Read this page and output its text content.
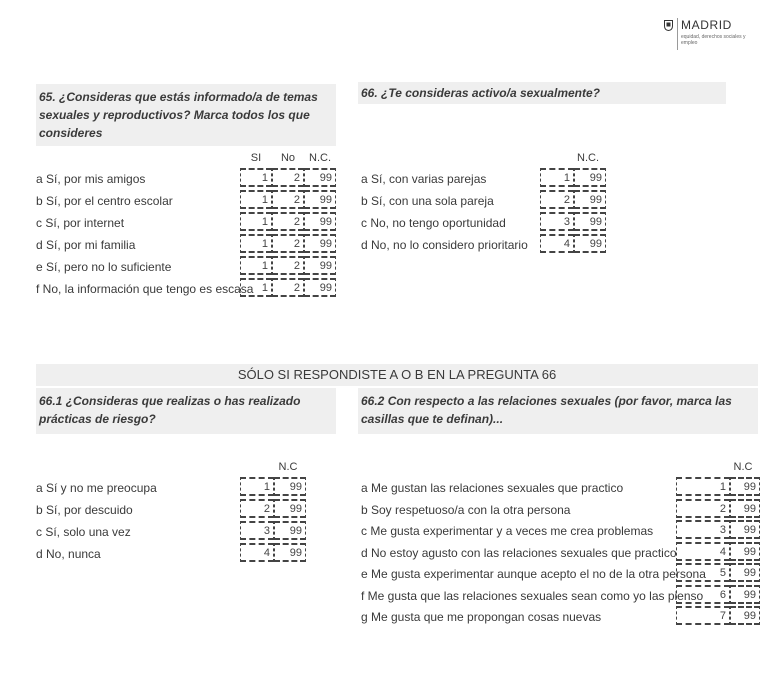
MADRID
equidad, derechos sociales y empleo
65. ¿Consideras que estás informado/a de temas sexuales y reproductivos? Marca todos los que consideres
SI	No	N.C.
a Sí, por mis amigos	1	2	99
b Sí, por el centro escolar	1	2	99
c Sí, por internet	1	2	99
d Sí, por mi familia	1	2	99
e Sí, pero no lo suficiente	1	2	99
f No, la información que tengo es escasa 1	2	99
66. ¿Te consideras activo/a sexualmente?
N.C.
a Sí, con varias parejas	1	99
b Sí, con una sola pareja	2	99
c No, no tengo oportunidad	3	99
d No, no lo considero prioritario	4	99
SÓLO SI RESPONDISTE A O B EN LA PREGUNTA 66
66.1 ¿Consideras que realizas o has realizado prácticas de riesgo?
N.C
a Sí y no me preocupa	1	99
b Sí, por descuido	2	99
c Sí, solo una vez	3	99
d No, nunca	4	99
66.2 Con respecto a las relaciones sexuales (por favor, marca las casillas que te definan)...
N.C
a Me gustan las relaciones sexuales que practico	1	99
b Soy respetuoso/a con la otra persona	2	99
c Me gusta experimentar y a veces me crea problemas	3	99
d No estoy agusto con las relaciones sexuales que practico	4	99
e Me gusta experimentar aunque acepto el no de la otra persona	5	99
f Me gusta que las relaciones sexuales sean como yo las pienso	6	99
g Me gusta que me propongan cosas nuevas	7	99
